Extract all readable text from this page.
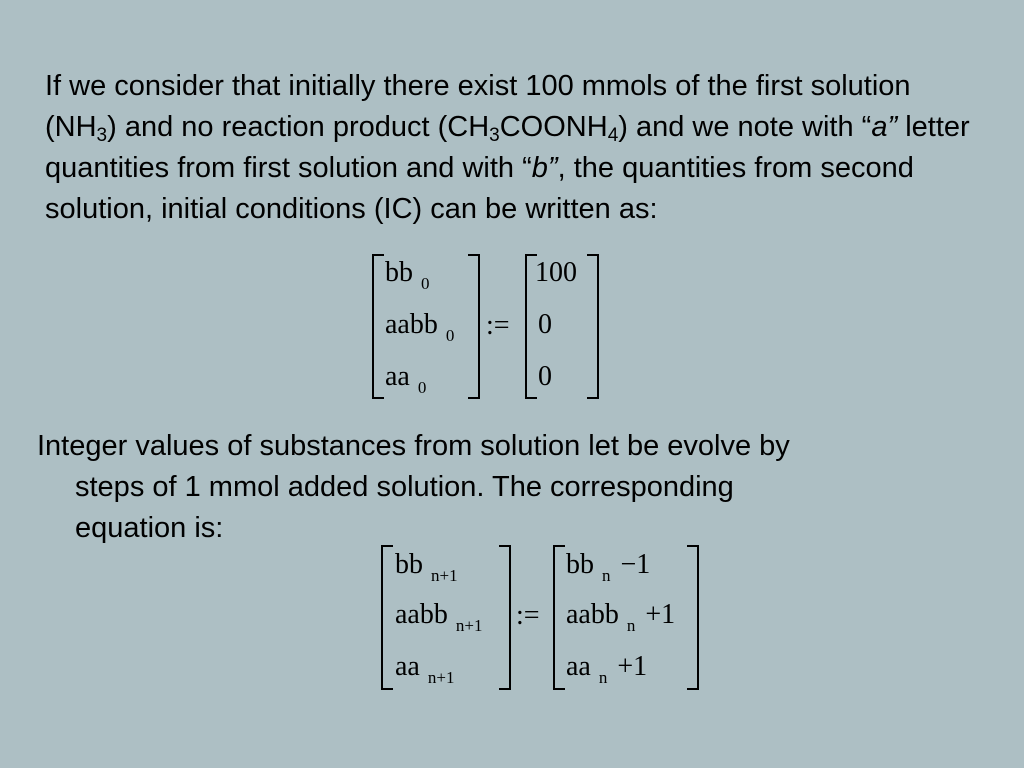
If we consider that initially there exist 100 mmols of the first solution $(NH_3)$ and no reaction product $(CH_3COONH_4)$ and we note with “a” letter quantities from first solution and with “b”, the quantities from second solution, initial conditions (IC) can be written as:

bb $_0$
aabb $_0$
aa $_0$
:=
100
0
0

Integer values of substances from solution let be evolve by
steps of 1 mmol added solution. The corresponding
equation is:

bb $_{n+1}$
aabb $_{n+1}$
aa $_{n+1}$
:=
bb $_n$ −1
aabb $_n$ +1
aa $_n$ +1
